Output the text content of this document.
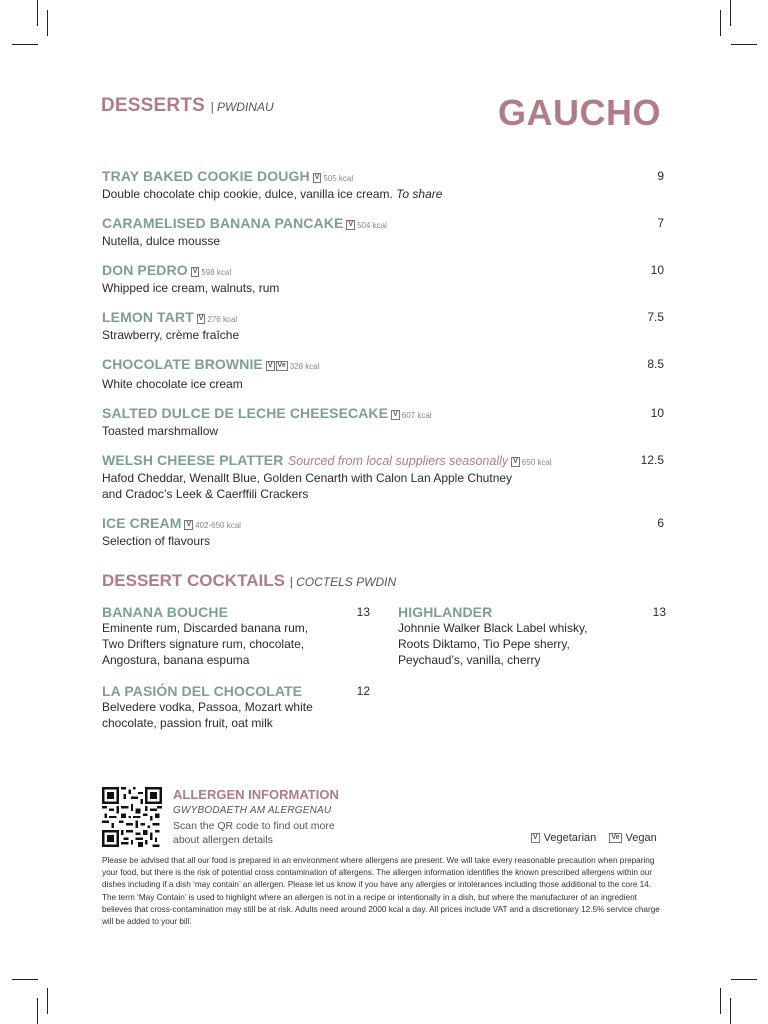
DESSERTS | PWDINAU	GAUCHO
TRAY BAKED COOKIE DOUGH V 505 kcal
Double chocolate chip cookie, dulce, vanilla ice cream. To share
9
CARAMELISED BANANA PANCAKE V 504 kcal
Nutella, dulce mousse
7
DON PEDRO V 598 kcal
Whipped ice cream, walnuts, rum
10
LEMON TART V 276 kcal
Strawberry, crème fraîche
7.5
CHOCOLATE BROWNIE V Ve 328 kcal
White chocolate ice cream
8.5
SALTED DULCE DE LECHE CHEESECAKE V 607 kcal
Toasted marshmallow
10
WELSH CHEESE PLATTER Sourced from local suppliers seasonally V 650 kcal
Hafod Cheddar, Wenallt Blue, Golden Cenarth with Calon Lan Apple Chutney
and Cradoc’s Leek & Caerffili Crackers
12.5
ICE CREAM V 402-650 kcal
Selection of flavours
6
DESSERT COCKTAILS | COCTELS PWDIN
BANANA BOUCHE	13
Eminente rum, Discarded banana rum,
Two Drifters signature rum, chocolate,
Angostura, banana espuma
HIGHLANDER	13
Johnnie Walker Black Label whisky,
Roots Diktamo, Tio Pepe sherry,
Peychaud’s, vanilla, cherry
LA PASIÓN DEL CHOCOLATE	12
Belvedere vodka, Passoa, Mozart white
chocolate, passion fruit, oat milk
ALLERGEN INFORMATION
GWYBODAETH AM ALERGENAU
Scan the QR code to find out more
about allergen details	V Vegetarian Ve Vegan
Please be advised that all our food is prepared in an environment where allergens are present. We will take every reasonable precaution when preparing your food, but there is the risk of potential cross contamination of allergens. The allergen information identifies the known prescribed allergens within our dishes including if a dish ‘may contain’ an allergen. Please let us know if you have any allergies or intolerances including those additional to the core 14. The term ‘May Contain’ is used to highlight where an allergen is not in a recipe or intentionally in a dish, but where the manufacturer of an ingredient believes that cross-contamination may still be at risk. Adults need around 2000 kcal a day. All prices include VAT and a discretionary 12.5% service charge will be added to your bill.
